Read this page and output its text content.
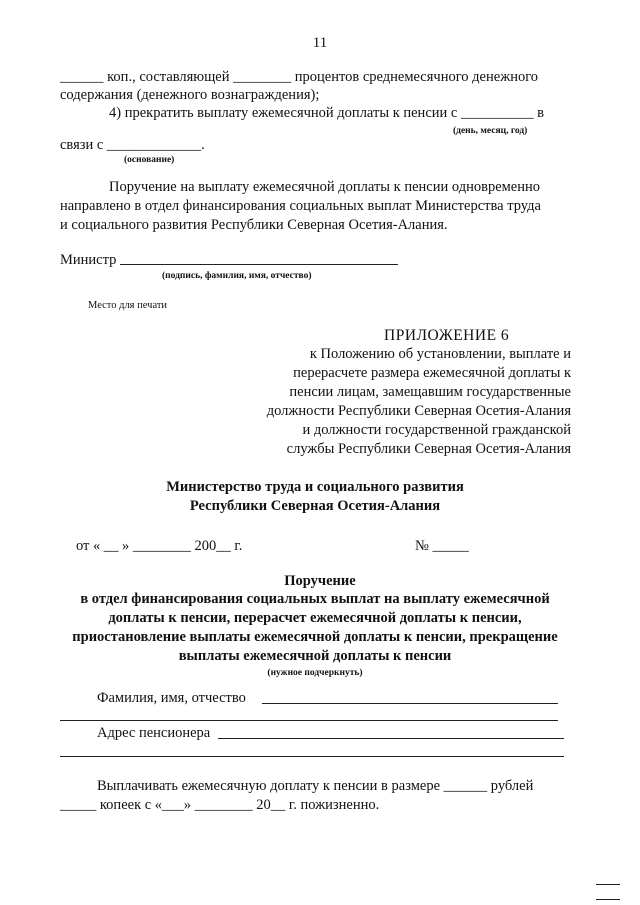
11
______ коп., составляющей ________ процентов среднемесячного денежного
содержания (денежного вознаграждения);
4) прекратить выплату ежемесячной доплаты к пенсии с __________ в
(день, месяц, год)
связи с _____________.
(основание)
Поручение на выплату ежемесячной доплаты к пенсии одновременно
направлено в отдел финансирования социальных выплат Министерства труда
и социального развития Республики Северная Осетия-Алания.
Министр
(подпись, фамилия, имя, отчество)
Место для печати
ПРИЛОЖЕНИЕ 6
к Положению об установлении, выплате и
перерасчете размера ежемесячной доплаты к
пенсии лицам, замещавшим государственные
должности Республики Северная Осетия-Алания
и должности государственной гражданской
службы Республики Северная Осетия-Алания
Министерство труда и социального развития
Республики Северная Осетия-Алания
от « __ » ________ 200__ г.	№ _____
Поручение
в отдел финансирования социальных выплат на выплату ежемесячной
доплаты к пенсии, перерасчет ежемесячной доплаты к пенсии,
приостановление выплаты ежемесячной доплаты к пенсии, прекращение
выплаты ежемесячной доплаты к пенсии
(нужное подчеркнуть)
Фамилия, имя, отчество
Адрес пенсионера
Выплачивать ежемесячную доплату к пенсии в размере ______ рублей
_____ копеек с «___» ________ 20__ г. пожизненно.
